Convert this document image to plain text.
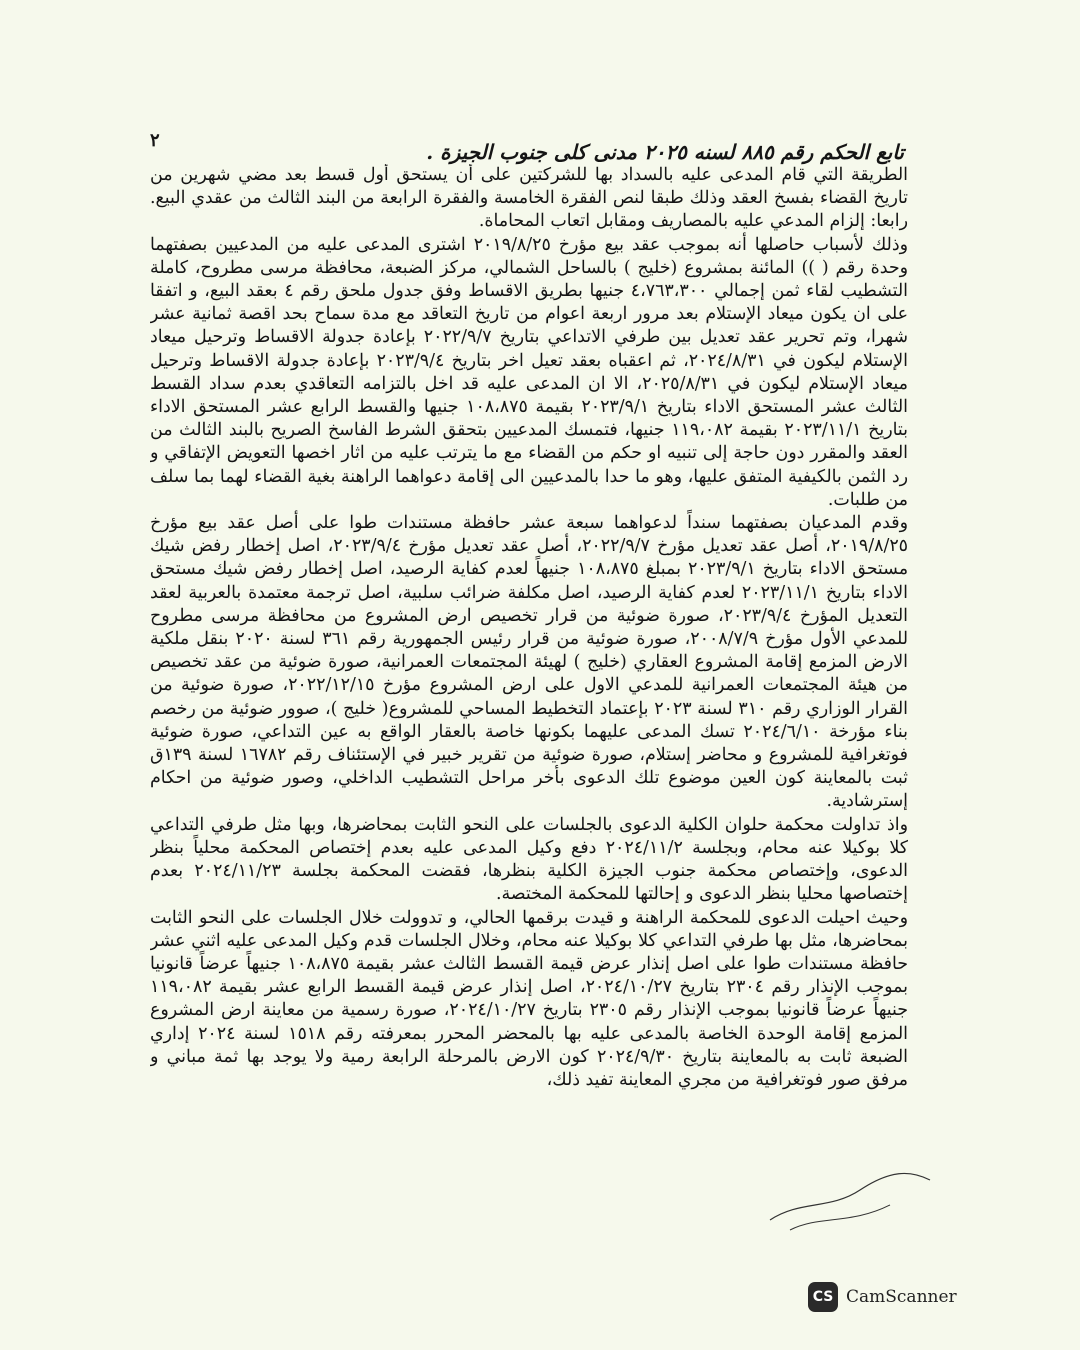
٢	تابع الحكم رقم ٨٨٥ لسنه ٢٠٢٥ مدنى كلى جنوب الجيزة .

الطريقة التي قام المدعى عليه بالسداد بها للشركتين على أن يستحق أول قسط بعد مضي شهرين من تاريخ القضاء بفسخ العقد وذلك طبقا لنص الفقرة الخامسة والفقرة الرابعة من البند الثالث من عقدي البيع. رابعا: إلزام المدعي عليه بالمصاريف ومقابل اتعاب المحاماة.

وذلك لأسباب حاصلها أنه بموجب عقد بيع مؤرخ ٢٠١٩/٨/٢٥ اشترى المدعى عليه من المدعيين بصفتهما وحدة رقم ( )) المائنة بمشروع (خليج ) بالساحل الشمالي، مركز الضبعة، محافظة مرسى مطروح، كاملة التشطيب لقاء ثمن إجمالي ٤،٧٦٣،٣٠٠ جنيها بطريق الاقساط وفق جدول ملحق رقم ٤ بعقد البيع، و اتفقا على ان يكون ميعاد الإستلام بعد مرور اربعة اعوام من تاريخ التعاقد مع مدة سماح بحد اقصة ثمانية عشر شهرا، وتم تحرير عقد تعديل بين طرفي الاتداعي بتاريخ ٢٠٢٢/٩/٧ بإعادة جدولة الاقساط وترحيل ميعاد الإستلام ليكون في ٢٠٢٤/٨/٣١، ثم اعقباه بعقد تعيل اخر بتاريخ ٢٠٢٣/٩/٤ بإعادة جدولة الاقساط وترحيل ميعاد الإستلام ليكون في ٢٠٢٥/٨/٣١، الا ان المدعى عليه قد اخل بالتزامه التعاقدي بعدم سداد القسط الثالث عشر المستحق الاداء بتاريخ ٢٠٢٣/٩/١ بقيمة ١٠٨،٨٧٥ جنيها والقسط الرابع عشر المستحق الاداء بتاريخ ٢٠٢٣/١١/١ بقيمة ١١٩،٠٨٢ جنيها، فتمسك المدعيين بتحقق الشرط الفاسخ الصريح بالبند الثالث من العقد والمقرر دون حاجة إلى تنبيه او حكم من القضاء مع ما يترتب عليه من اثار اخصها التعويض الإتفاقي و رد الثمن بالكيفية المتفق عليها، وهو ما حدا بالمدعيين الى إقامة دعواهما الراهنة بغية القضاء لهما بما سلف من طلبات.

وقدم المدعيان بصفتهما سنداً لدعواهما سبعة عشر حافظة مستندات طوا على أصل عقد بيع مؤرخ ٢٠١٩/٨/٢٥، أصل عقد تعديل مؤرخ ٢٠٢٢/٩/٧، أصل عقد تعديل مؤرخ ٢٠٢٣/٩/٤، اصل إخطار رفض شيك مستحق الاداء بتاريخ ٢٠٢٣/٩/١ بمبلغ ١٠٨،٨٧٥ جنيهاً لعدم كفاية الرصيد، اصل إخطار رفض شيك مستحق الاداء بتاريخ ٢٠٢٣/١١/١ لعدم كفاية الرصيد، اصل مكلفة ضرائب سلبية، اصل ترجمة معتمدة بالعربية لعقد التعديل المؤرخ ٢٠٢٣/٩/٤، صورة ضوئية من قرار تخصيص ارض المشروع من محافظة مرسى مطروح للمدعي الأول مؤرخ ٢٠٠٨/٧/٩، صورة ضوئية من قرار رئيس الجمهورية رقم ٣٦١ لسنة ٢٠٢٠ بنقل ملكية الارض المزمع إقامة المشروع العقاري (خليج ) لهيئة المجتمعات العمرانية، صورة ضوئية من عقد تخصيص من هيئة المجتمعات العمرانية للمدعي الاول على ارض المشروع مؤرخ ٢٠٢٢/١٢/١٥، صورة ضوئية من القرار الوزاري رقم ٣١٠ لسنة ٢٠٢٣ بإعتماد التخطيط المساحي للمشروع( خليج )، صوور ضوئية من رخصم بناء مؤرخة ٢٠٢٤/٦/١٠ تسك المدعى عليهما بكونها خاصة بالعقار الواقع به عين التداعي، صورة ضوئية فوتغرافية للمشروع و محاضر إستلام، صورة ضوئية من تقرير خبير في الإستئناف رقم ١٦٧٨٢ لسنة ١٣٩ق ثبت بالمعاينة كون العين موضوع تلك الدعوى بأخر مراحل التشطيب الداخلي، وصور ضوئية من احكام إسترشادية.

واذ تداولت محكمة حلوان الكلية الدعوى بالجلسات على النحو الثابت بمحاضرها، وبها مثل طرفي التداعي كلا بوكيلا عنه محام، وبجلسة ٢٠٢٤/١١/٢ دفع وكيل المدعى عليه بعدم إختصاص المحكمة محلياً بنظر الدعوى، وإختصاص محكمة جنوب الجيزة الكلية بنظرها، فقضت المحكمة بجلسة ٢٠٢٤/١١/٢٣ بعدم إختصاصها محليا بنظر الدعوى و إحالتها للمحكمة المختصة.

وحيث احيلت الدعوى للمحكمة الراهنة و قيدت برقمها الحالي، و تدوولت خلال الجلسات على النحو الثابت بمحاضرها، مثل بها طرفي التداعي كلا بوكيلا عنه محام، وخلال الجلسات قدم وكيل المدعى عليه اثني عشر حافظة مستندات طوا على اصل إنذار عرض قيمة القسط الثالث عشر بقيمة ١٠٨،٨٧٥ جنيهاً عرضاً قانونيا بموجب الإنذار رقم ٢٣٠٤ بتاريخ ٢٠٢٤/١٠/٢٧، اصل إنذار عرض قيمة القسط الرابع عشر بقيمة ١١٩،٠٨٢ جنيهاً عرضاً قانونيا بموجب الإنذار رقم ٢٣٠٥ بتاريخ ٢٠٢٤/١٠/٢٧، صورة رسمية من معاينة ارض المشروع المزمع إقامة الوحدة الخاصة بالمدعى عليه بها بالمحضر المحرر بمعرفته رقم ١٥١٨ لسنة ٢٠٢٤ إداري الضبعة ثابت به بالمعاينة بتاريخ ٢٠٢٤/٩/٣٠ كون الارض بالمرحلة الرابعة رمية ولا يوجد بها ثمة مباني و مرفق صور فوتغرافية من مجري المعاينة تفيد ذلك،

CS CamScanner
